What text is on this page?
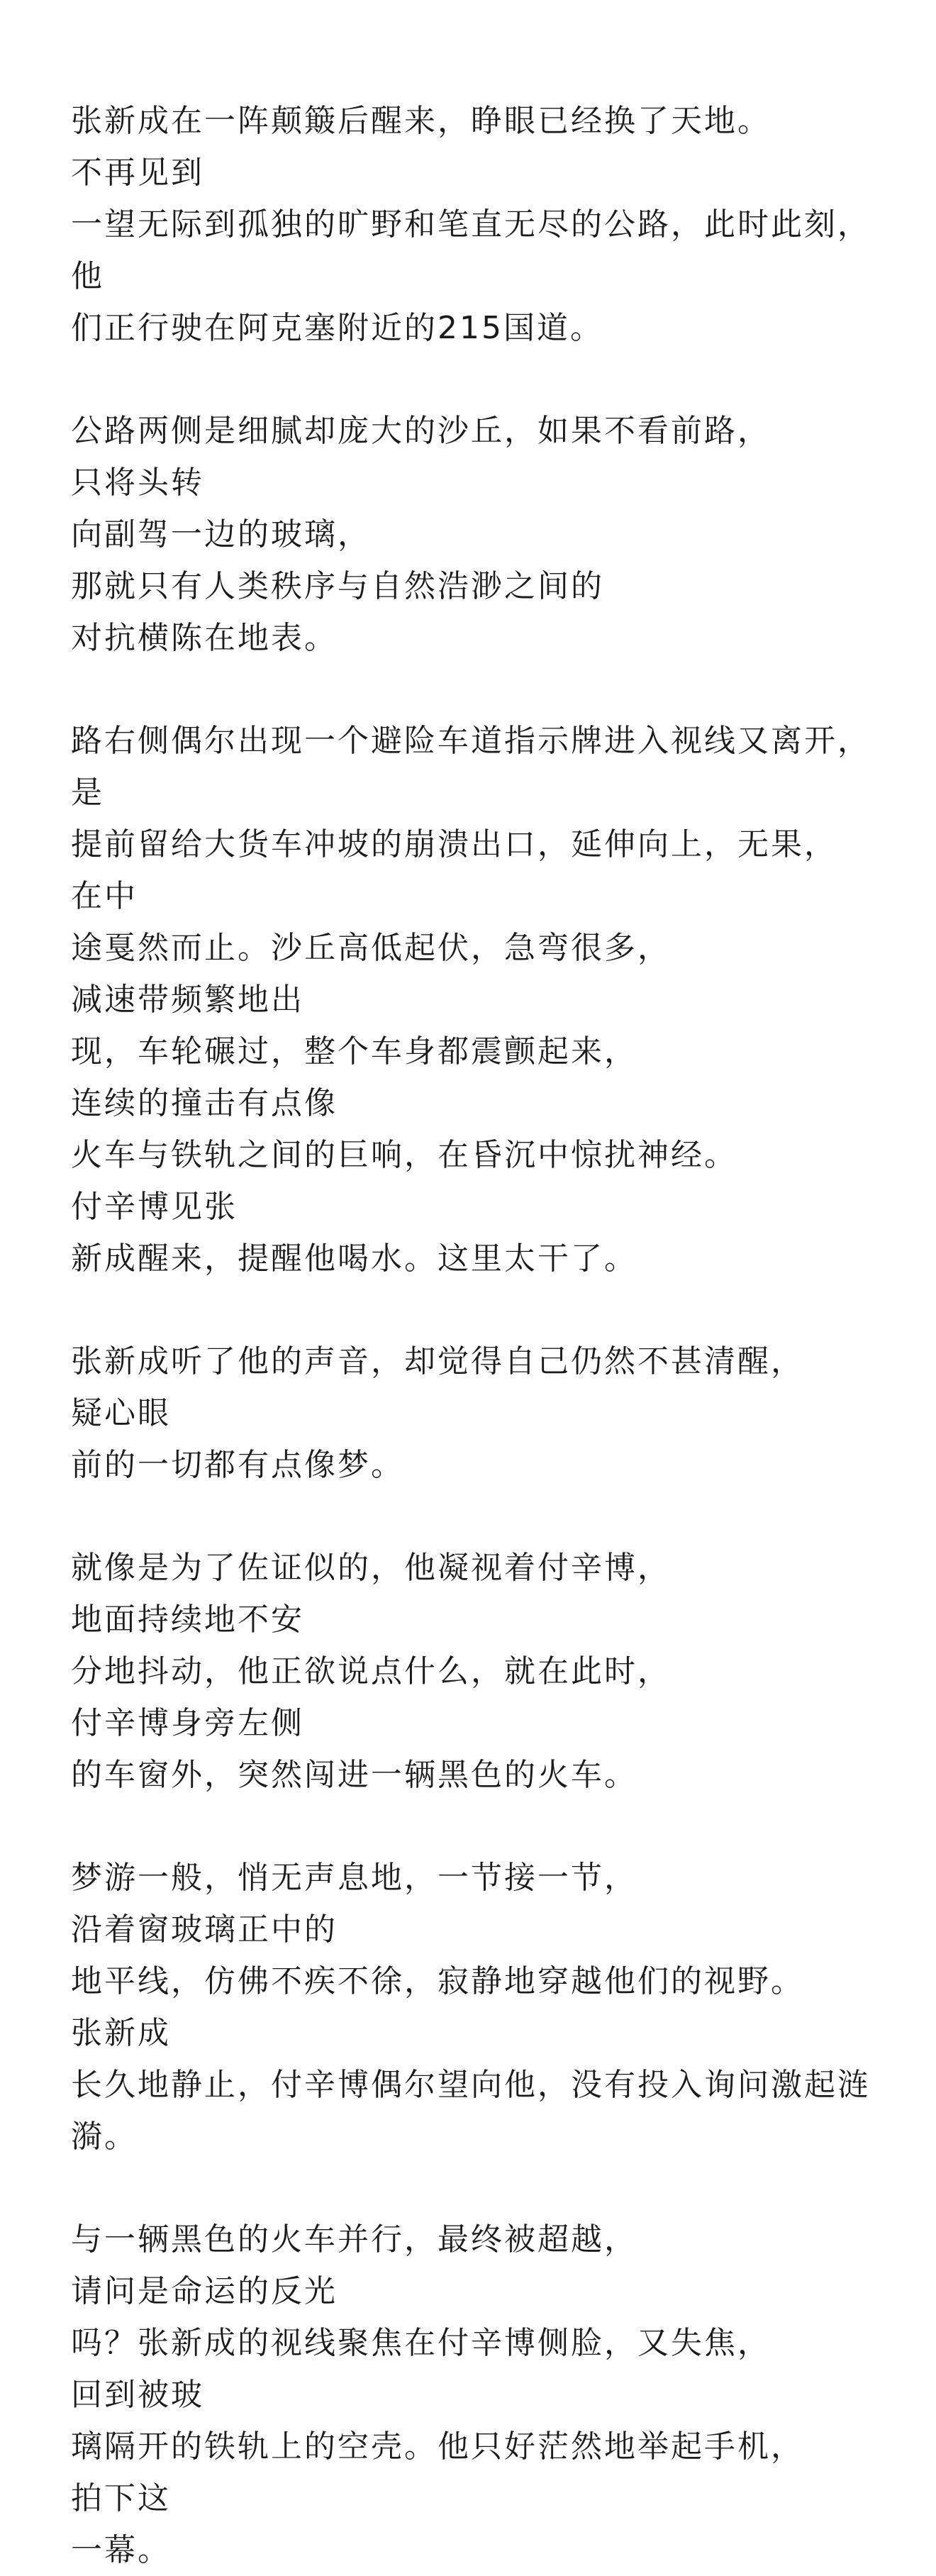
张新成在一阵颠簸后醒来，睁眼已经换了天地。不再见到
一望无际到孤独的旷野和笔直无尽的公路，此时此刻，他
们正行驶在阿克塞附近的215国道。

公路两侧是细腻却庞大的沙丘，如果不看前路，只将头转
向副驾一边的玻璃，那就只有人类秩序与自然浩渺之间的
对抗横陈在地表。

路右侧偶尔出现一个避险车道指示牌进入视线又离开，是
提前留给大货车冲坡的崩溃出口，延伸向上，无果，在中
途戛然而止。沙丘高低起伏，急弯很多，减速带频繁地出
现，车轮碾过，整个车身都震颤起来，连续的撞击有点像
火车与铁轨之间的巨响，在昏沉中惊扰神经。付辛博见张
新成醒来，提醒他喝水。这里太干了。

张新成听了他的声音，却觉得自己仍然不甚清醒，疑心眼
前的一切都有点像梦。

就像是为了佐证似的，他凝视着付辛博，地面持续地不安
分地抖动，他正欲说点什么，就在此时，付辛博身旁左侧
的车窗外，突然闯进一辆黑色的火车。

梦游一般，悄无声息地，一节接一节，沿着窗玻璃正中的
地平线，仿佛不疾不徐，寂静地穿越他们的视野。张新成
长久地静止，付辛博偶尔望向他，没有投入询问激起涟
漪。

与一辆黑色的火车并行，最终被超越，请问是命运的反光
吗？张新成的视线聚焦在付辛博侧脸，又失焦，回到被玻
璃隔开的铁轨上的空壳。他只好茫然地举起手机，拍下这
一幕。
